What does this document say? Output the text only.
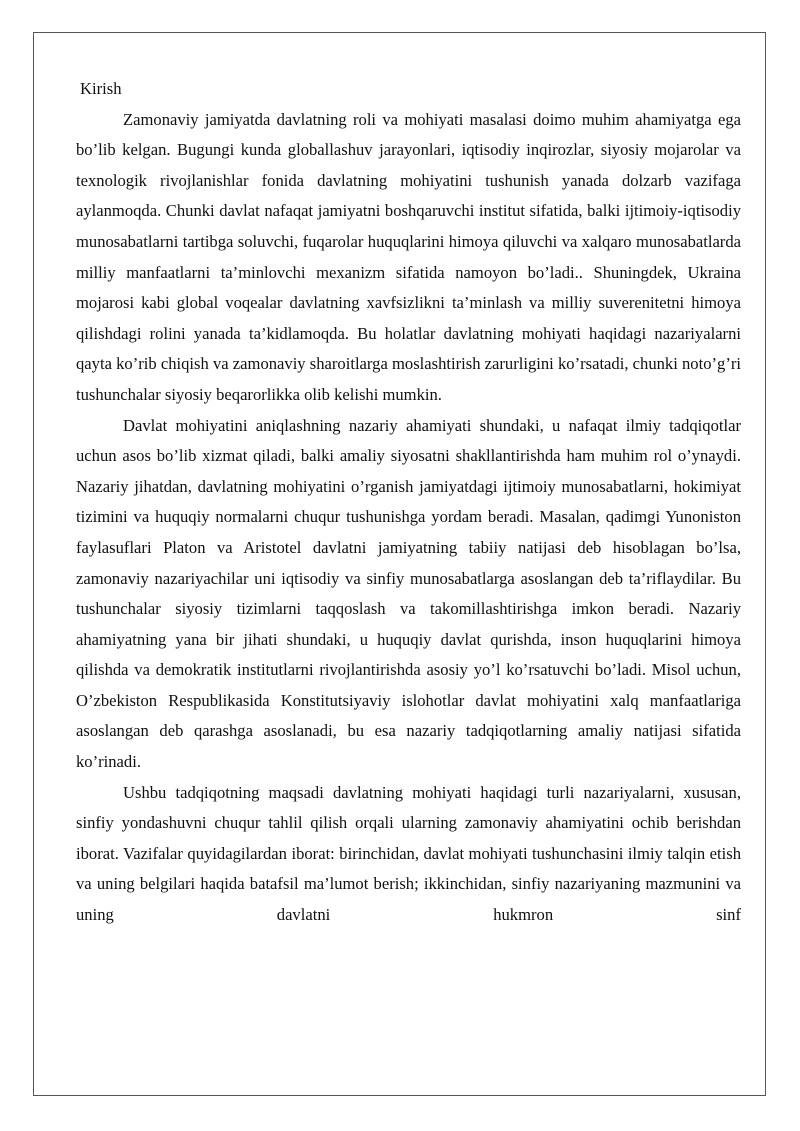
Kirish

Zamonaviy jamiyatda davlatning roli va mohiyati masalasi doimo muhim ahamiyatga ega bo’lib kelgan. Bugungi kunda globallashuv jarayonlari, iqtisodiy inqirozlar, siyosiy mojarolar va texnologik rivojlanishlar fonida davlatning mohiyatini tushunish yanada dolzarb vazifaga aylanmoqda. Chunki davlat nafaqat jamiyatni boshqaruvchi institut sifatida, balki ijtimoiy-iqtisodiy munosabatlarni tartibga soluvchi, fuqarolar huquqlarini himoya qiluvchi va xalqaro munosabatlarda milliy manfaatlarni ta’minlovchi mexanizm sifatida namoyon bo’ladi.. Shuningdek, Ukraina mojarosi kabi global voqealar davlatning xavfsizlikni ta’minlash va milliy suverenitetni himoya qilishdagi rolini yanada ta’kidlamoqda. Bu holatlar davlatning mohiyati haqidagi nazariyalarni qayta ko’rib chiqish va zamonaviy sharoitlarga moslashtirish zarurligini ko’rsatadi, chunki noto’g’ri tushunchalar siyosiy beqarorlikka olib kelishi mumkin.

Davlat mohiyatini aniqlashning nazariy ahamiyati shundaki, u nafaqat ilmiy tadqiqotlar uchun asos bo’lib xizmat qiladi, balki amaliy siyosatni shakllantirishda ham muhim rol o’ynaydi. Nazariy jihatdan, davlatning mohiyatini o’rganish jamiyatdagi ijtimoiy munosabatlarni, hokimiyat tizimini va huquqiy normalarni chuqur tushunishga yordam beradi. Masalan, qadimgi Yunoniston faylasuflari Platon va Aristotel davlatni jamiyatning tabiiy natijasi deb hisoblagan bo’lsa, zamonaviy nazariyachilar uni iqtisodiy va sinfiy munosabatlarga asoslangan deb ta’riflaydilar. Bu tushunchalar siyosiy tizimlarni taqqoslash va takomillashtirishga imkon beradi. Nazariy ahamiyatning yana bir jihati shundaki, u huquqiy davlat qurishda, inson huquqlarini himoya qilishda va demokratik institutlarni rivojlantirishda asosiy yo’l ko’rsatuvchi bo’ladi. Misol uchun, O’zbekiston Respublikasida Konstitutsiyaviy islohotlar davlat mohiyatini xalq manfaatlariga asoslangan deb qarashga asoslanadi, bu esa nazariy tadqiqotlarning amaliy natijasi sifatida ko’rinadi.

Ushbu tadqiqotning maqsadi davlatning mohiyati haqidagi turli nazariyalarni, xususan, sinfiy yondashuvni chuqur tahlil qilish orqali ularning zamonaviy ahamiyatini ochib berishdan iborat. Vazifalar quyidagilardan iborat: birinchidan, davlat mohiyati tushunchasini ilmiy talqin etish va uning belgilari haqida batafsil ma’lumot berish; ikkinchidan, sinfiy nazariyaning mazmunini va uning davlatni hukmron sinf
